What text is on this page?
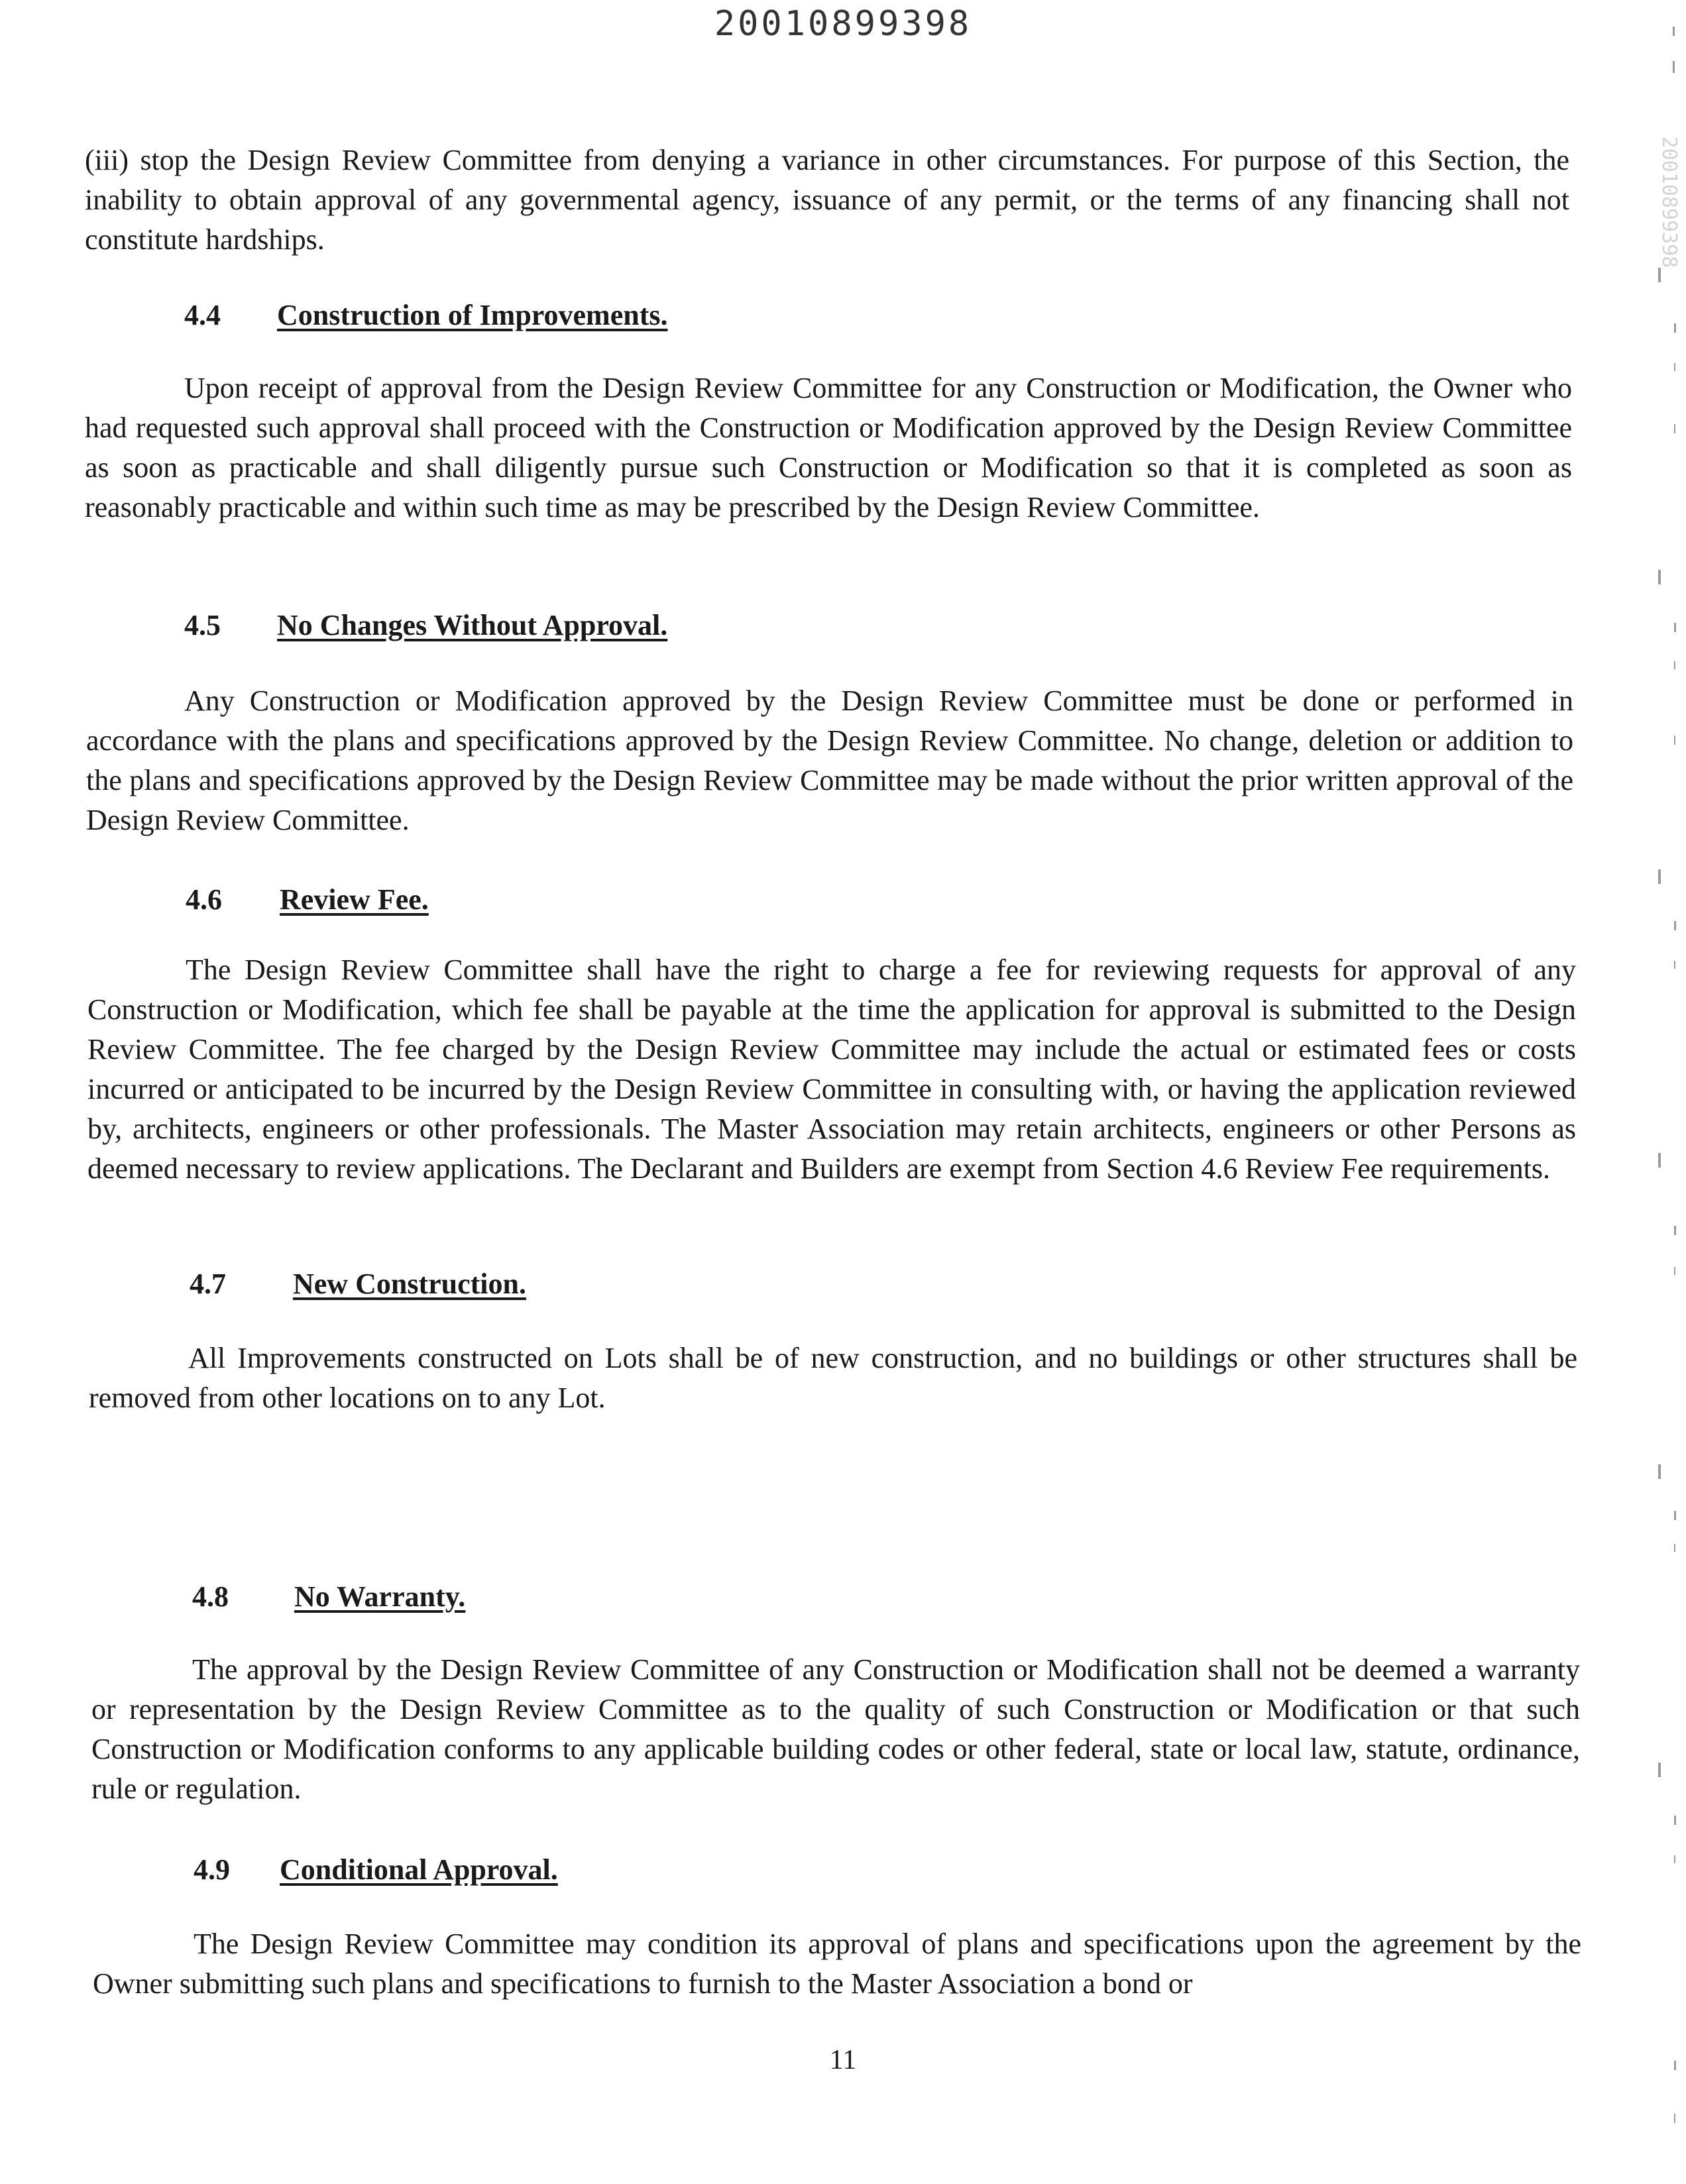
20010899398

(iii) stop the Design Review Committee from denying a variance in other circumstances. For purpose of this Section, the inability to obtain approval of any governmental agency, issuance of any permit, or the terms of any financing shall not constitute hardships.

4.4 Construction of Improvements.

Upon receipt of approval from the Design Review Committee for any Construction or Modification, the Owner who had requested such approval shall proceed with the Construction or Modification approved by the Design Review Committee as soon as practicable and shall diligently pursue such Construction or Modification so that it is completed as soon as reasonably practicable and within such time as may be prescribed by the Design Review Committee.

4.5 No Changes Without Approval.

Any Construction or Modification approved by the Design Review Committee must be done or performed in accordance with the plans and specifications approved by the Design Review Committee. No change, deletion or addition to the plans and specifications approved by the Design Review Committee may be made without the prior written approval of the Design Review Committee.

4.6 Review Fee.

The Design Review Committee shall have the right to charge a fee for reviewing requests for approval of any Construction or Modification, which fee shall be payable at the time the application for approval is submitted to the Design Review Committee. The fee charged by the Design Review Committee may include the actual or estimated fees or costs incurred or anticipated to be incurred by the Design Review Committee in consulting with, or having the application reviewed by, architects, engineers or other professionals. The Master Association may retain architects, engineers or other Persons as deemed necessary to review applications. The Declarant and Builders are exempt from Section 4.6 Review Fee requirements.

4.7 New Construction.

All Improvements constructed on Lots shall be of new construction, and no buildings or other structures shall be removed from other locations on to any Lot.

4.8 No Warranty.

The approval by the Design Review Committee of any Construction or Modification shall not be deemed a warranty or representation by the Design Review Committee as to the quality of such Construction or Modification or that such Construction or Modification conforms to any applicable building codes or other federal, state or local law, statute, ordinance, rule or regulation.

4.9 Conditional Approval.

The Design Review Committee may condition its approval of plans and specifications upon the agreement by the Owner submitting such plans and specifications to furnish to the Master Association a bond or

11
20010899398
